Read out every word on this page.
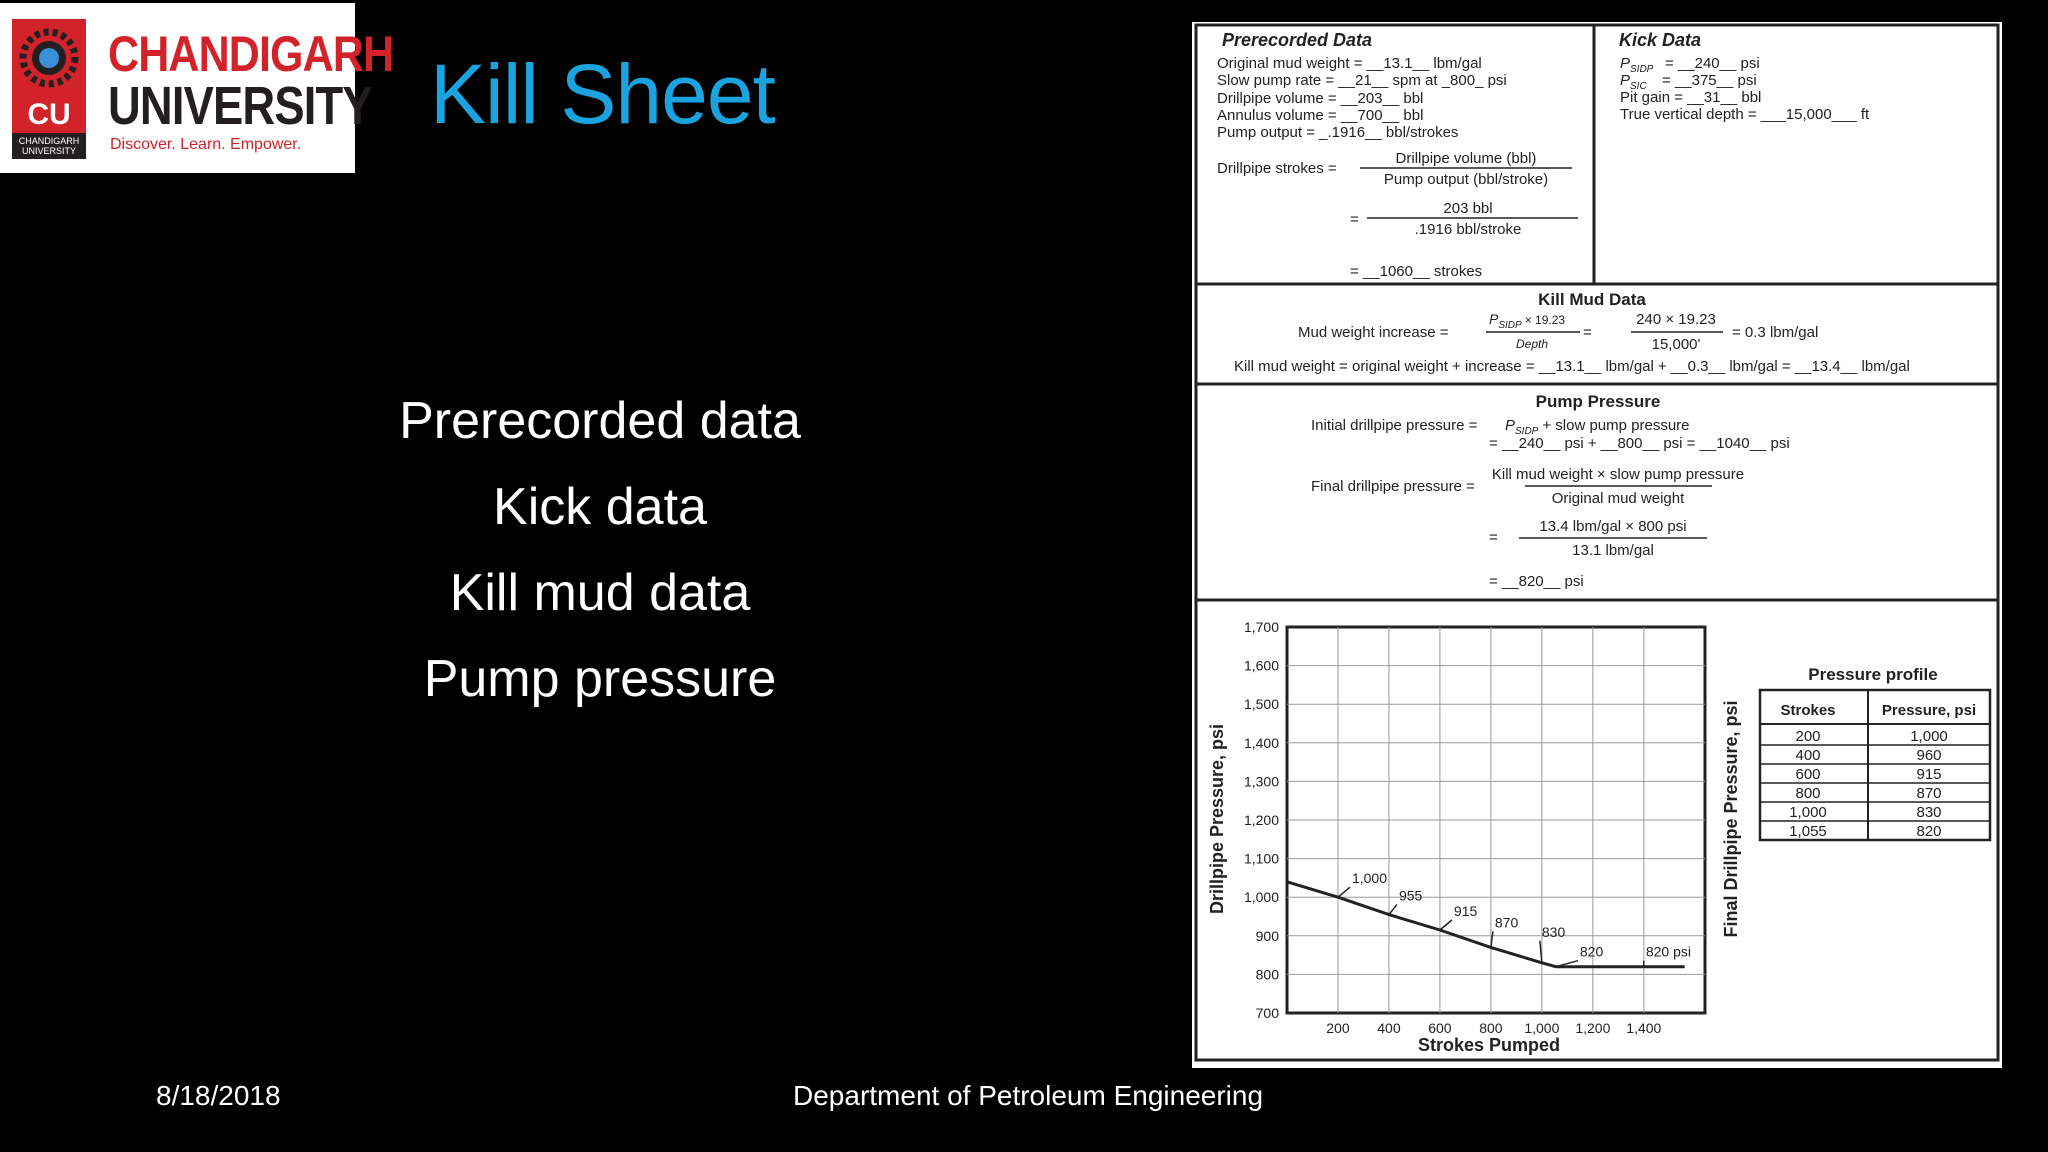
CU
CHANDIGARH UNIVERSITY
CHANDIGARH
UNIVERSITY
Discover. Learn. Empower.
Kill Sheet
Prerecorded data
Kick data
Kill mud data
Pump pressure
8/18/2018	Department of Petroleum Engineering
Prerecorded Data
Original mud weight = __13.1__ lbm/gal
Slow pump rate = __21__ spm at _800_ psi
Drillpipe volume = __203__ bbl
Annulus volume = __700__ bbl
Pump output = _.1916__ bbl/strokes
Drillpipe strokes =
Drillpipe volume (bbl)
Pump output (bbl/stroke)
=
203 bbl
.1916 bbl/stroke
= __1060__ strokes
Kick Data
$P_{SIDP}$ = __240__ psi
$P_{SIC}$ = __375__ psi
Pit gain = __31__ bbl
True vertical depth = ___15,000___ ft
Kill Mud Data
Mud weight increase =
$P_{SIDP} \times 19.23$
Depth
=
240 × 19.23
15,000'
= 0.3 lbm/gal
Kill mud weight = original weight + increase = __13.1__ lbm/gal + __0.3__ lbm/gal = __13.4__ lbm/gal
Pump Pressure
Initial drillpipe pressure = $P_{SIDP}$ + slow pump pressure
= __240__ psi + __800__ psi = __1040__ psi
Final drillpipe pressure =
Kill mud weight × slow pump pressure
Original mud weight
=
13.4 lbm/gal × 800 psi
13.1 lbm/gal
= __820__ psi
700
800
900
1,000
1,100
1,200
1,300
1,400
1,500
1,600
1,700
200 400 600 800 1,000 1,200 1,400
1,000
955
915
870
830
820	820 psi
Strokes Pumped
Drillpipe Pressure, psi	Final Drillpipe Pressure, psi
Pressure profile
Strokes	Pressure, psi
200	1,000
400	960
600	915
800	870
1,000	830
1,055	820
